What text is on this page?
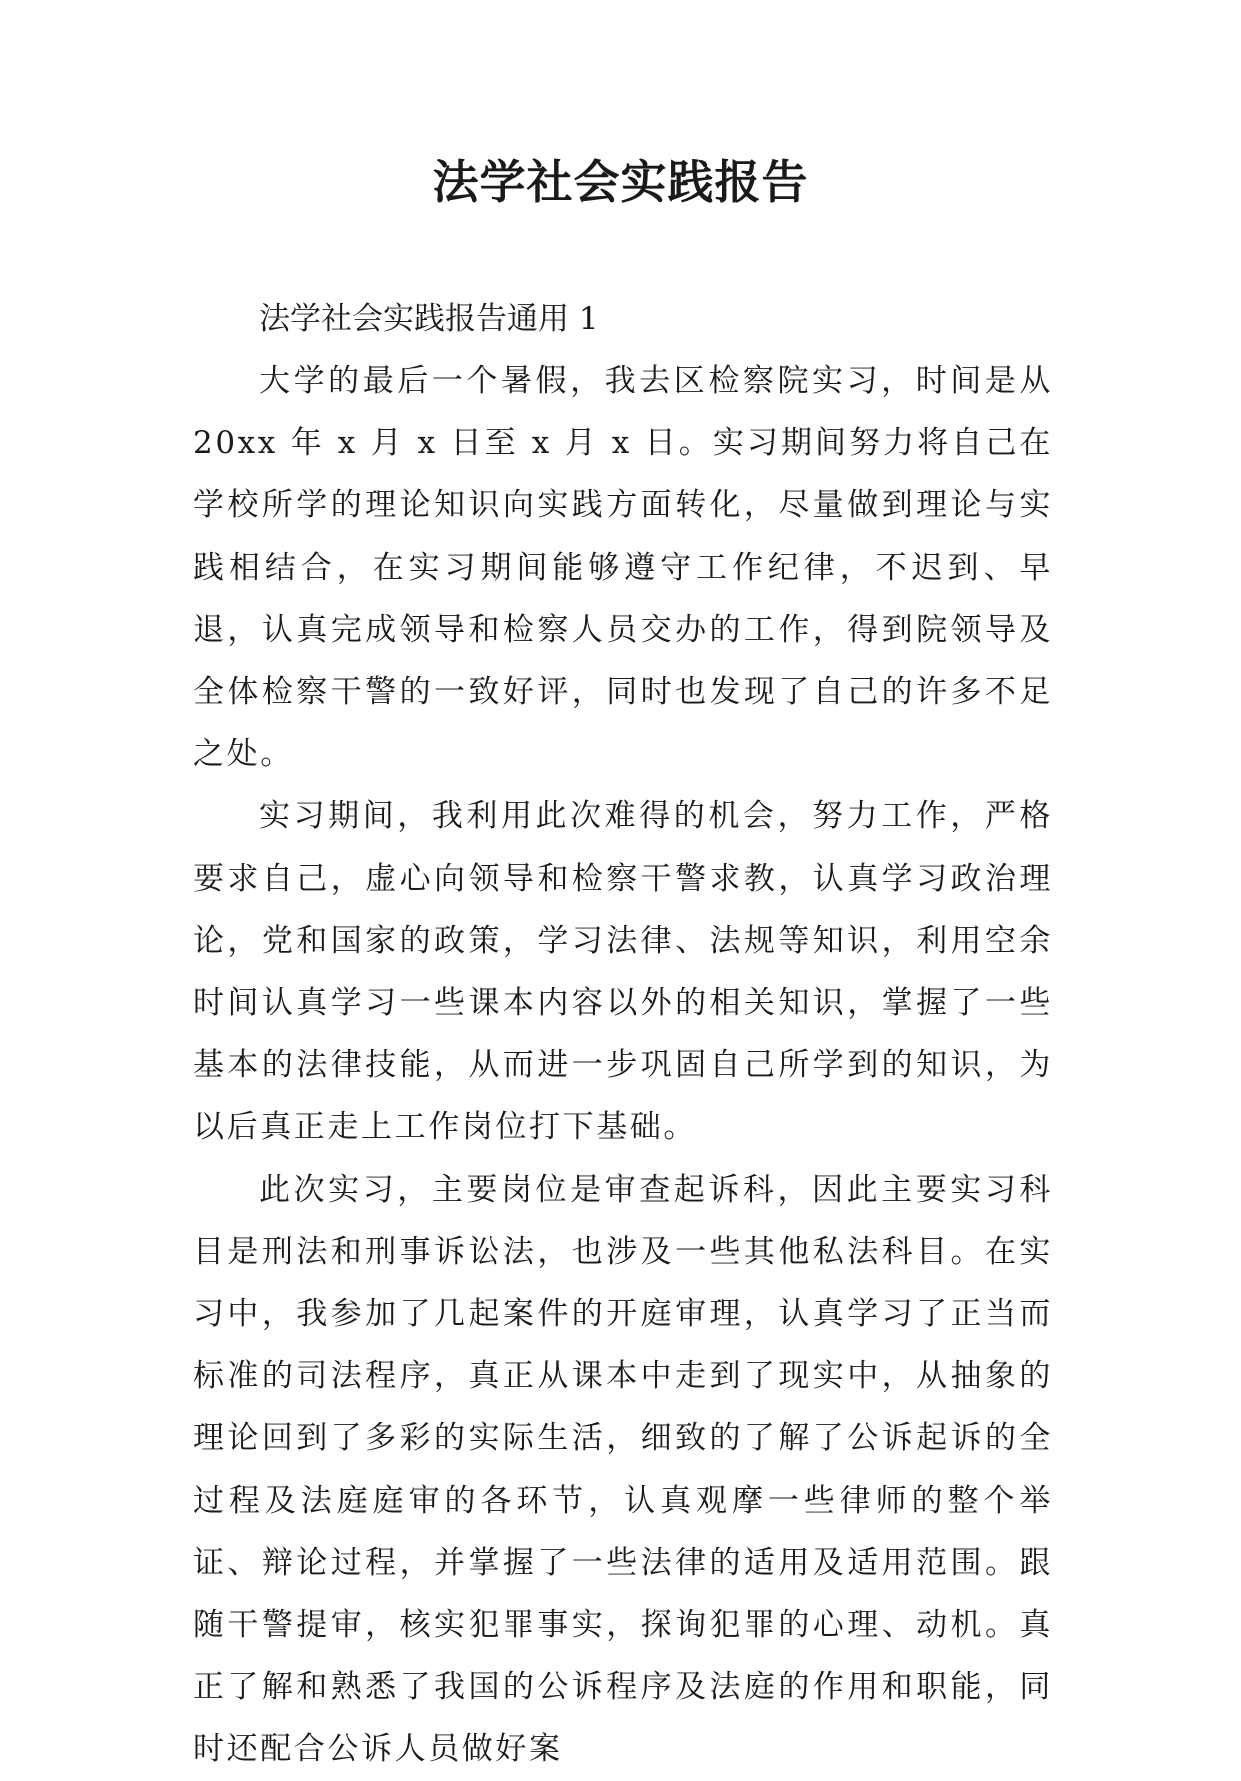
法学社会实践报告

法学社会实践报告通用 1

大学的最后一个暑假，我去区检察院实习，时间是从 20xx 年 x 月 x 日至 x 月 x 日。实习期间努力将自己在学校所学的理论知识向实践方面转化，尽量做到理论与实践相结合，在实习期间能够遵守工作纪律，不迟到、早退，认真完成领导和检察人员交办的工作，得到院领导及全体检察干警的一致好评，同时也发现了自己的许多不足之处。

实习期间，我利用此次难得的机会，努力工作，严格要求自己，虚心向领导和检察干警求教，认真学习政治理论，党和国家的政策，学习法律、法规等知识，利用空余时间认真学习一些课本内容以外的相关知识，掌握了一些基本的法律技能，从而进一步巩固自己所学到的知识，为以后真正走上工作岗位打下基础。

此次实习，主要岗位是审查起诉科，因此主要实习科目是刑法和刑事诉讼法，也涉及一些其他私法科目。在实习中，我参加了几起案件的开庭审理，认真学习了正当而标准的司法程序，真正从课本中走到了现实中，从抽象的理论回到了多彩的实际生活，细致的了解了公诉起诉的全过程及法庭庭审的各环节，认真观摩一些律师的整个举证、辩论过程，并掌握了一些法律的适用及适用范围。跟随干警提审，核实犯罪事实，探询犯罪的心理、动机。真正了解和熟悉了我国的公诉程序及法庭的作用和职能，同时还配合公诉人员做好案
